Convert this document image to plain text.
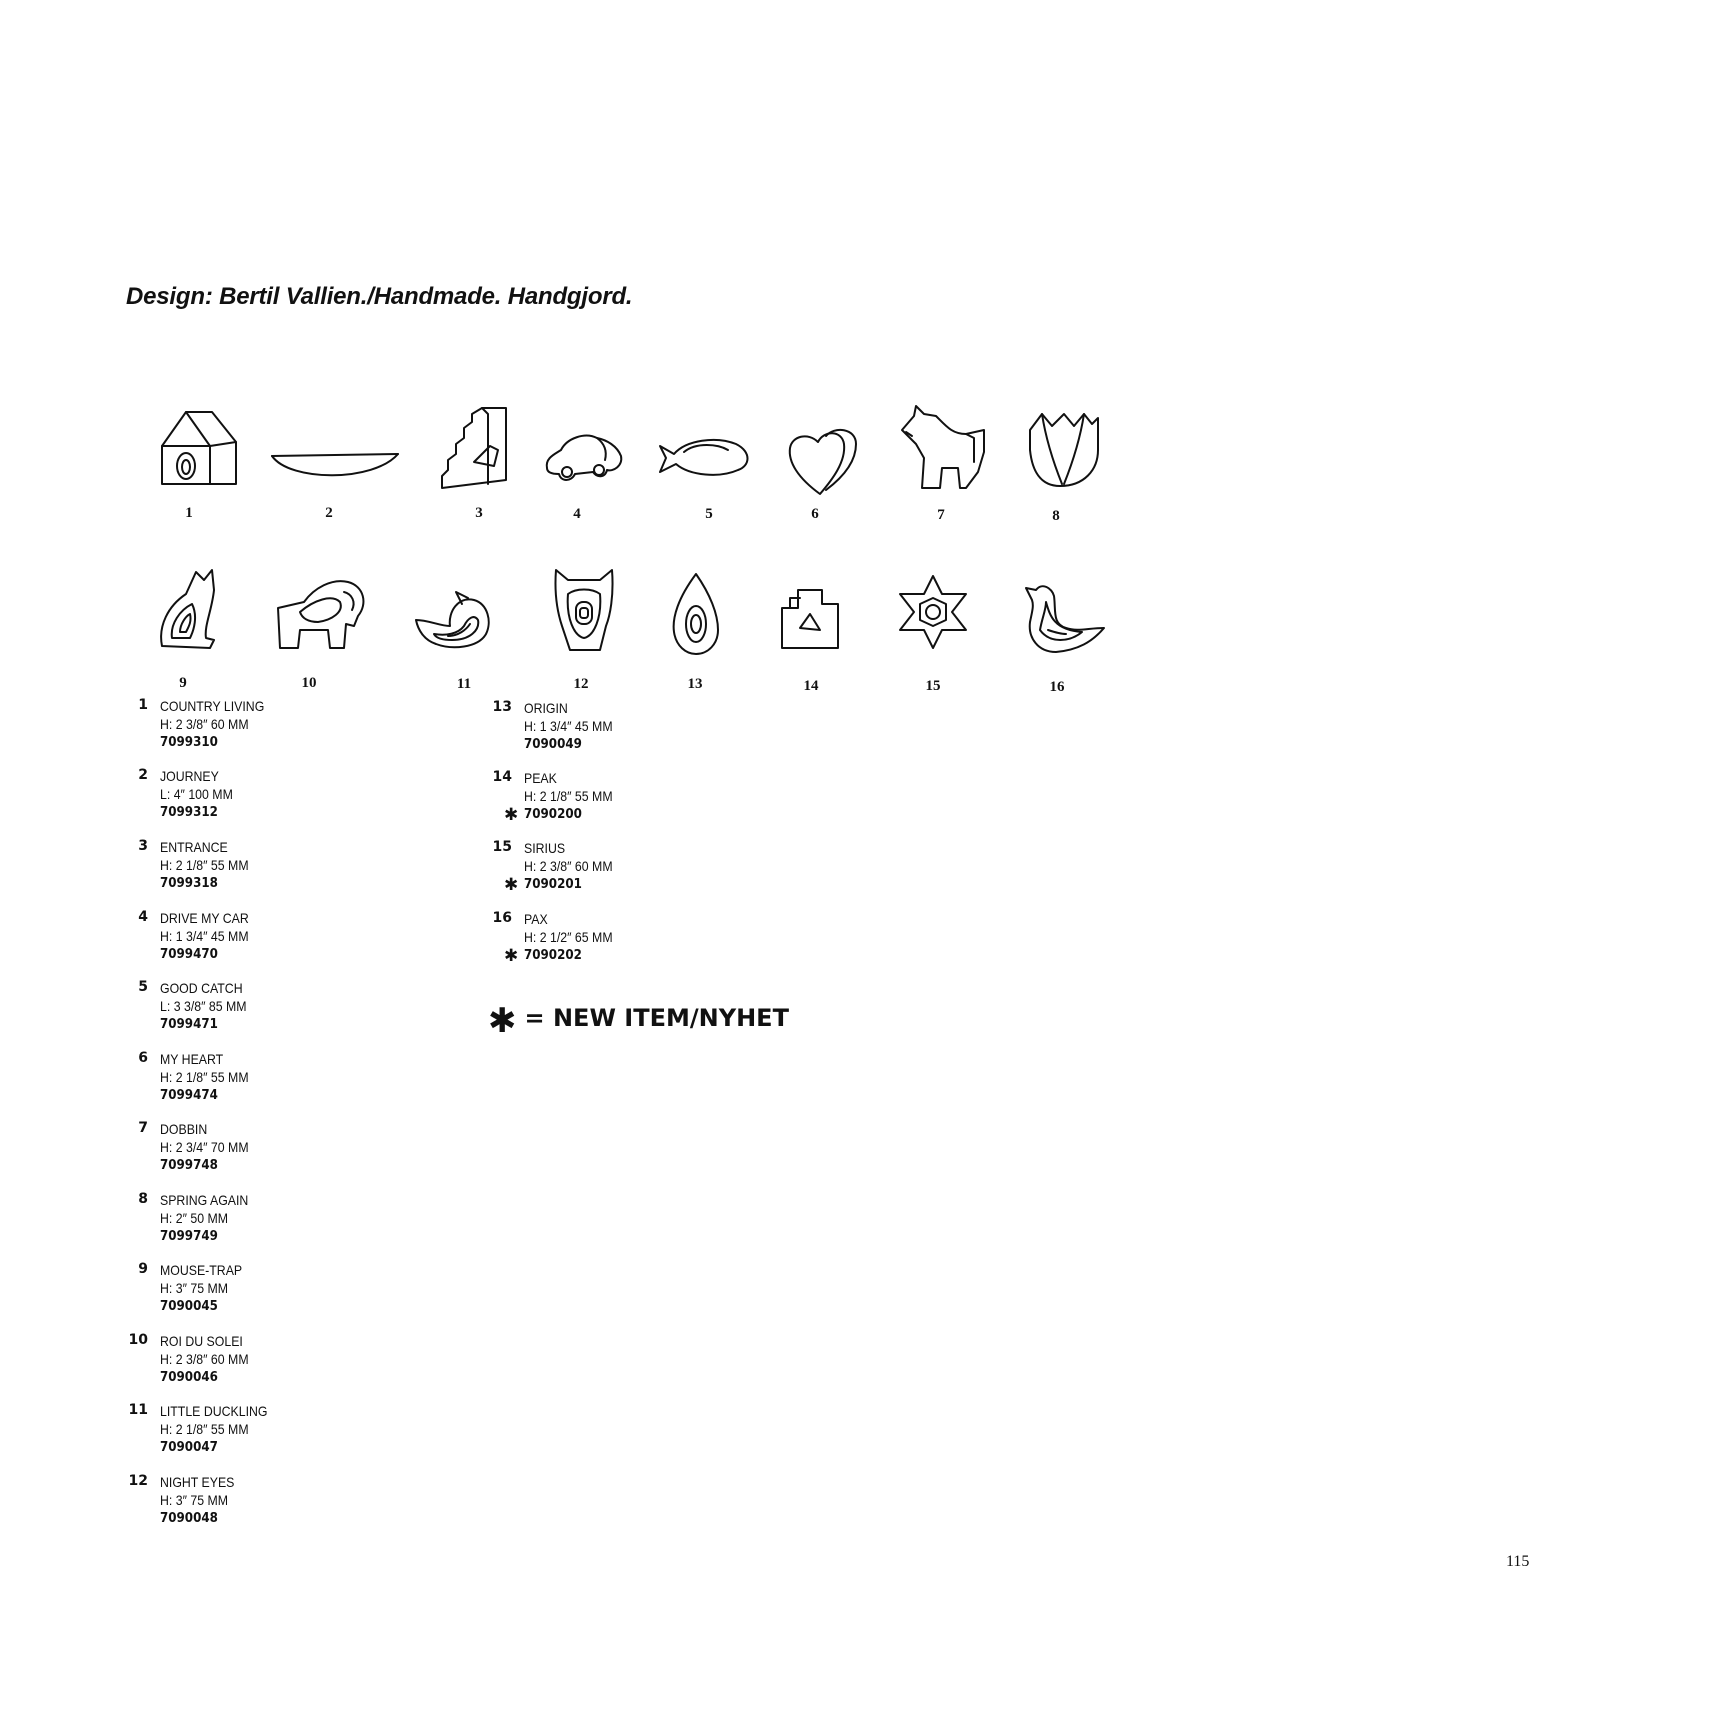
Design: Bertil Vallien./Handmade. Handgjord.
1	2	3	4	5	6	7	8
9	10	11	12	13	14	15	16
1 COUNTRY LIVING
H: 2 3/8″ 60 MM
7099310
2 JOURNEY
L: 4″ 100 MM
7099312
3 ENTRANCE
H: 2 1/8″ 55 MM
7099318
4 DRIVE MY CAR
H: 1 3/4″ 45 MM
7099470
5 GOOD CATCH
L: 3 3/8″ 85 MM
7099471
6 MY HEART
H: 2 1/8″ 55 MM
7099474
7 DOBBIN
H: 2 3/4″ 70 MM
7099748
8 SPRING AGAIN
H: 2″ 50 MM
7099749
9 MOUSE-TRAP
H: 3″ 75 MM
7090045
10 ROI DU SOLEI
H: 2 3/8″ 60 MM
7090046
11 LITTLE DUCKLING
H: 2 1/8″ 55 MM
7090047
12 NIGHT EYES
H: 3″ 75 MM
7090048
13 ORIGIN
H: 1 3/4″ 45 MM
7090049
14
✱
PEAK
H: 2 1/8″ 55 MM
7090200
15
✱
SIRIUS
H: 2 3/8″ 60 MM
7090201
16
✱
PAX
H: 2 1/2″ 65 MM
7090202
✱ = NEW ITEM/NYHET
115
